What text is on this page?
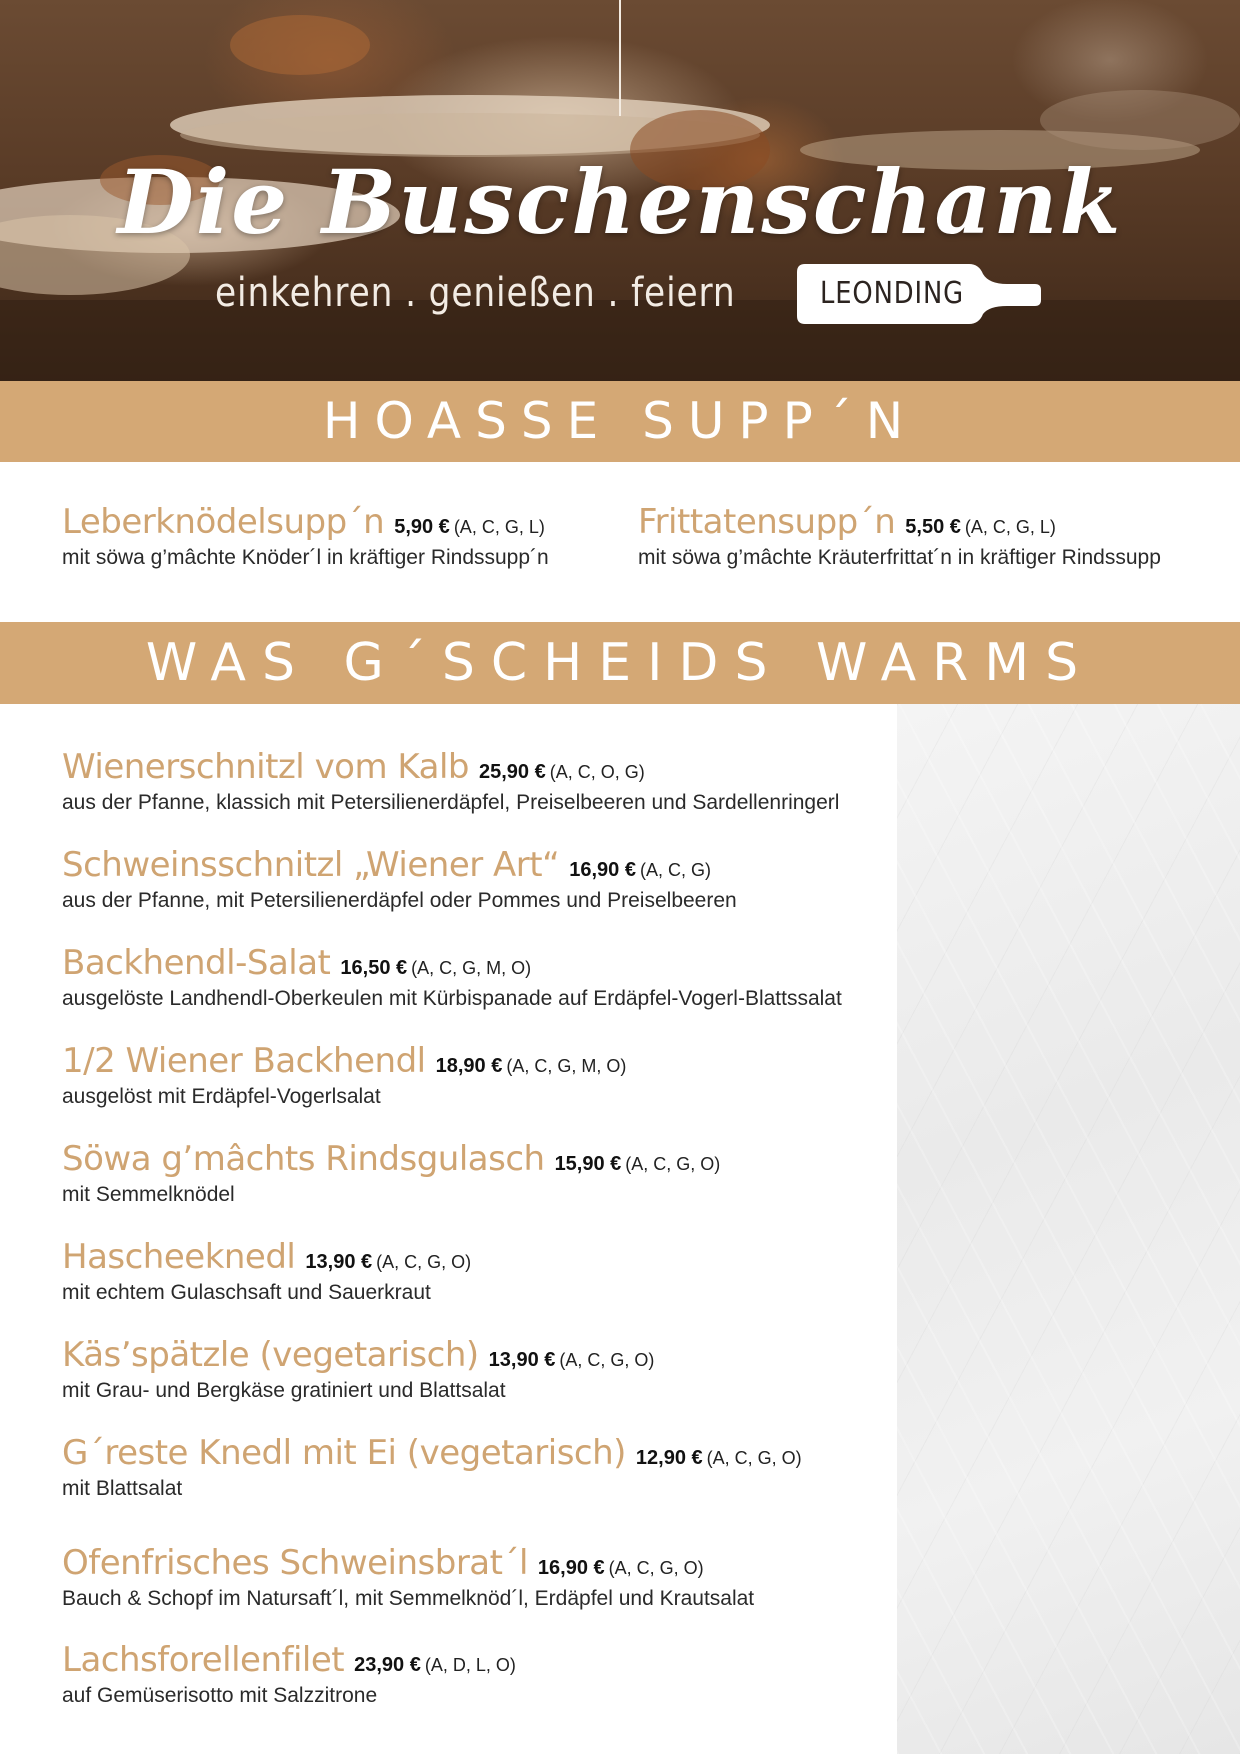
Die Buschenschank
einkehren . genießen . feiern	LEONDING
HOASSE SUPP´N
Leberknödelsupp´n 5,90 € (A, C, G, L)
mit söwa g’mâchte Knöder´l in kräftiger Rindssupp´n
Frittatensupp´n 5,50 € (A, C, G, L)
mit söwa g’mâchte Kräuterfrittat´n in kräftiger Rindssupp
WAS G´SCHEIDS WARMS
Wienerschnitzl vom Kalb 25,90 € (A, C, O, G)
aus der Pfanne, klassich mit Petersilienerdäpfel, Preiselbeeren und Sardellenringerl
Schweinsschnitzl „Wiener Art“ 16,90 € (A, C, G)
aus der Pfanne, mit Petersilienerdäpfel oder Pommes und Preiselbeeren
Backhendl-Salat 16,50 € (A, C, G, M, O)
ausgelöste Landhendl-Oberkeulen mit Kürbispanade auf Erdäpfel-Vogerl-Blattssalat
1/2 Wiener Backhendl 18,90 € (A, C, G, M, O)
ausgelöst mit Erdäpfel-Vogerlsalat
Söwa g’mâchts Rindsgulasch 15,90 € (A, C, G, O)
mit Semmelknödel
Hascheeknedl 13,90 € (A, C, G, O)
mit echtem Gulaschsaft und Sauerkraut
Käs’spätzle (vegetarisch) 13,90 € (A, C, G, O)
mit Grau- und Bergkäse gratiniert und Blattsalat
G´reste Knedl mit Ei (vegetarisch) 12,90 € (A, C, G, O)
mit Blattsalat
Ofenfrisches Schweinsbrat´l 16,90 € (A, C, G, O)
Bauch & Schopf im Natursaft´l, mit Semmelknöd´l, Erdäpfel und Krautsalat
Lachsforellenfilet 23,90 € (A, D, L, O)
auf Gemüserisotto mit Salzzitrone
